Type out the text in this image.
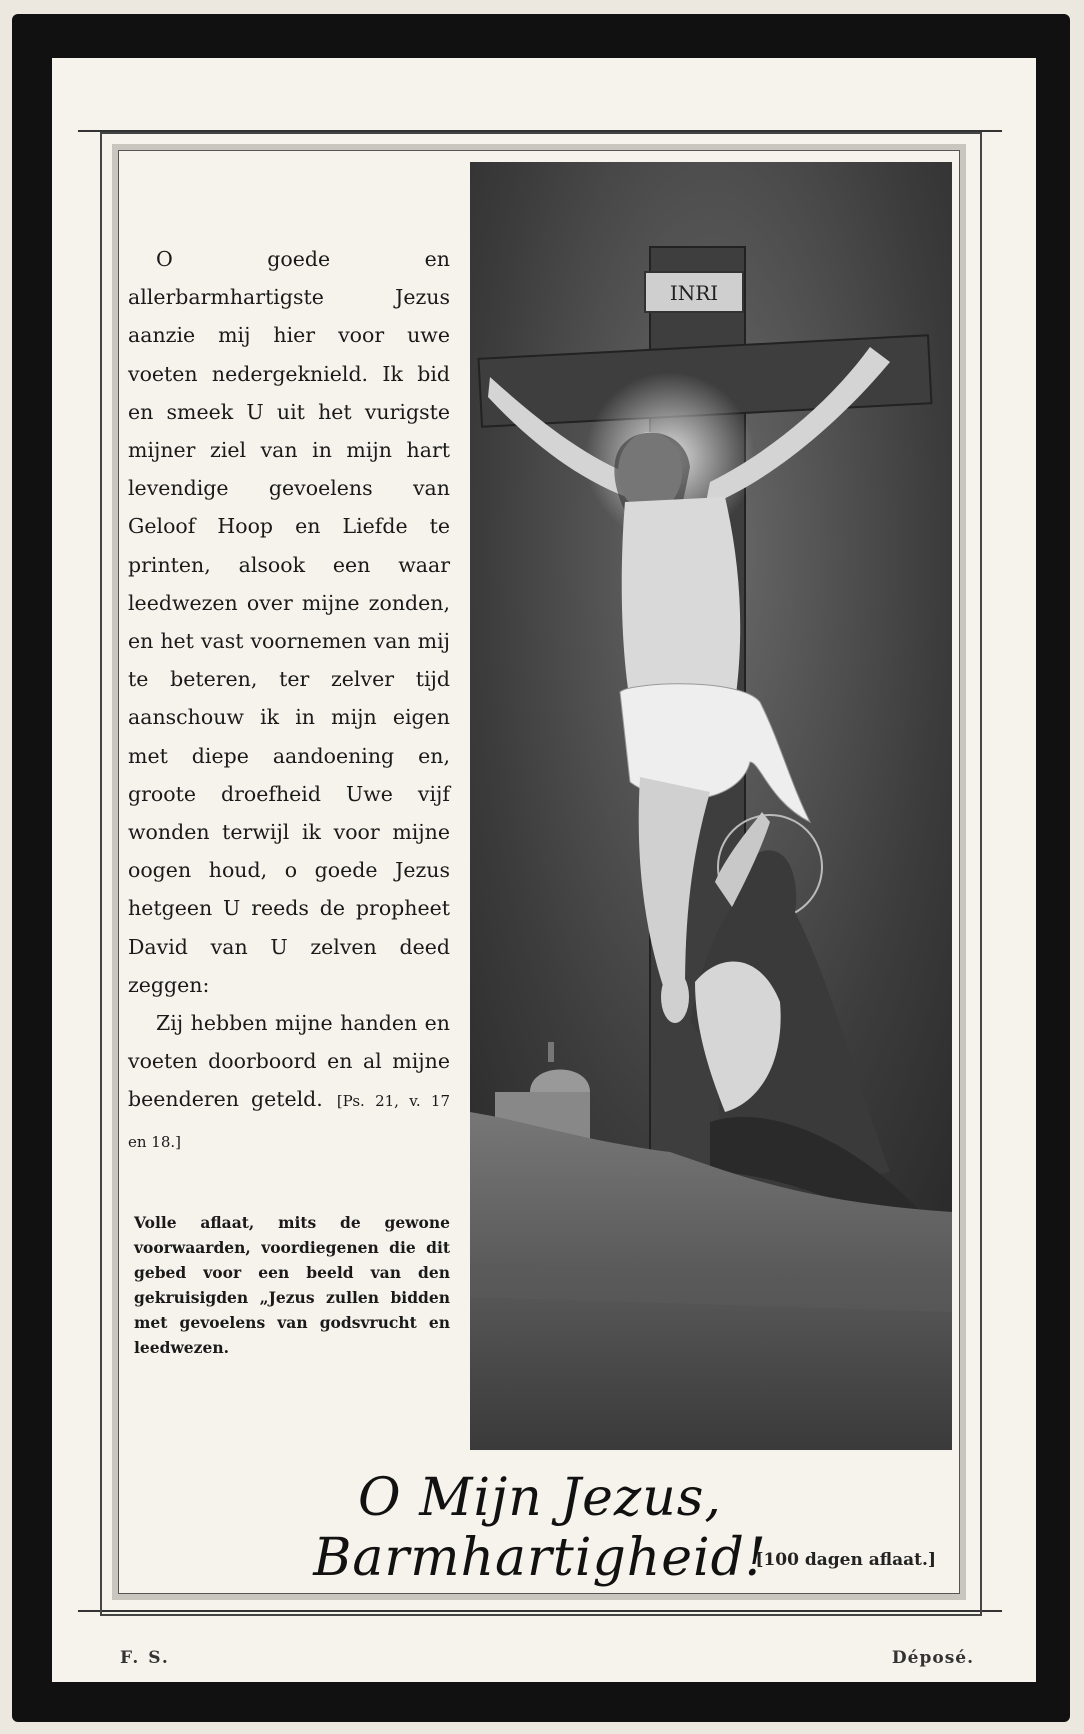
O goede en allerbarmhartigste Jezus aanzie mij hier voor uwe voeten nedergeknield. Ik bid en smeek U uit het vurigste mijner ziel van in mijn hart levendige gevoelens van Geloof Hoop en Liefde te printen, alsook een waar leedwezen over mijne zonden, en het vast voornemen van mij te beteren, ter zelver tijd aanschouw ik in mijn eigen met diepe aandoening en, groote droefheid Uwe vijf wonden terwijl ik voor mijne oogen houd, o goede Jezus hetgeen U reeds de propheet David van U zelven deed zeggen:

Zij hebben mijne handen en voeten doorboord en al mijne beenderen geteld. [Ps. 21, v. 17 en 18.]

Volle aflaat, mits de gewone voorwaarden, voordiegenen die dit gebed voor een beeld van den gekruisigden „Jezus zullen bidden met gevoelens van godsvrucht en leedwezen.
INRI
O Mijn Jezus, Barmhartigheid!
[100 dagen aflaat.]
F. S.	Déposé.
